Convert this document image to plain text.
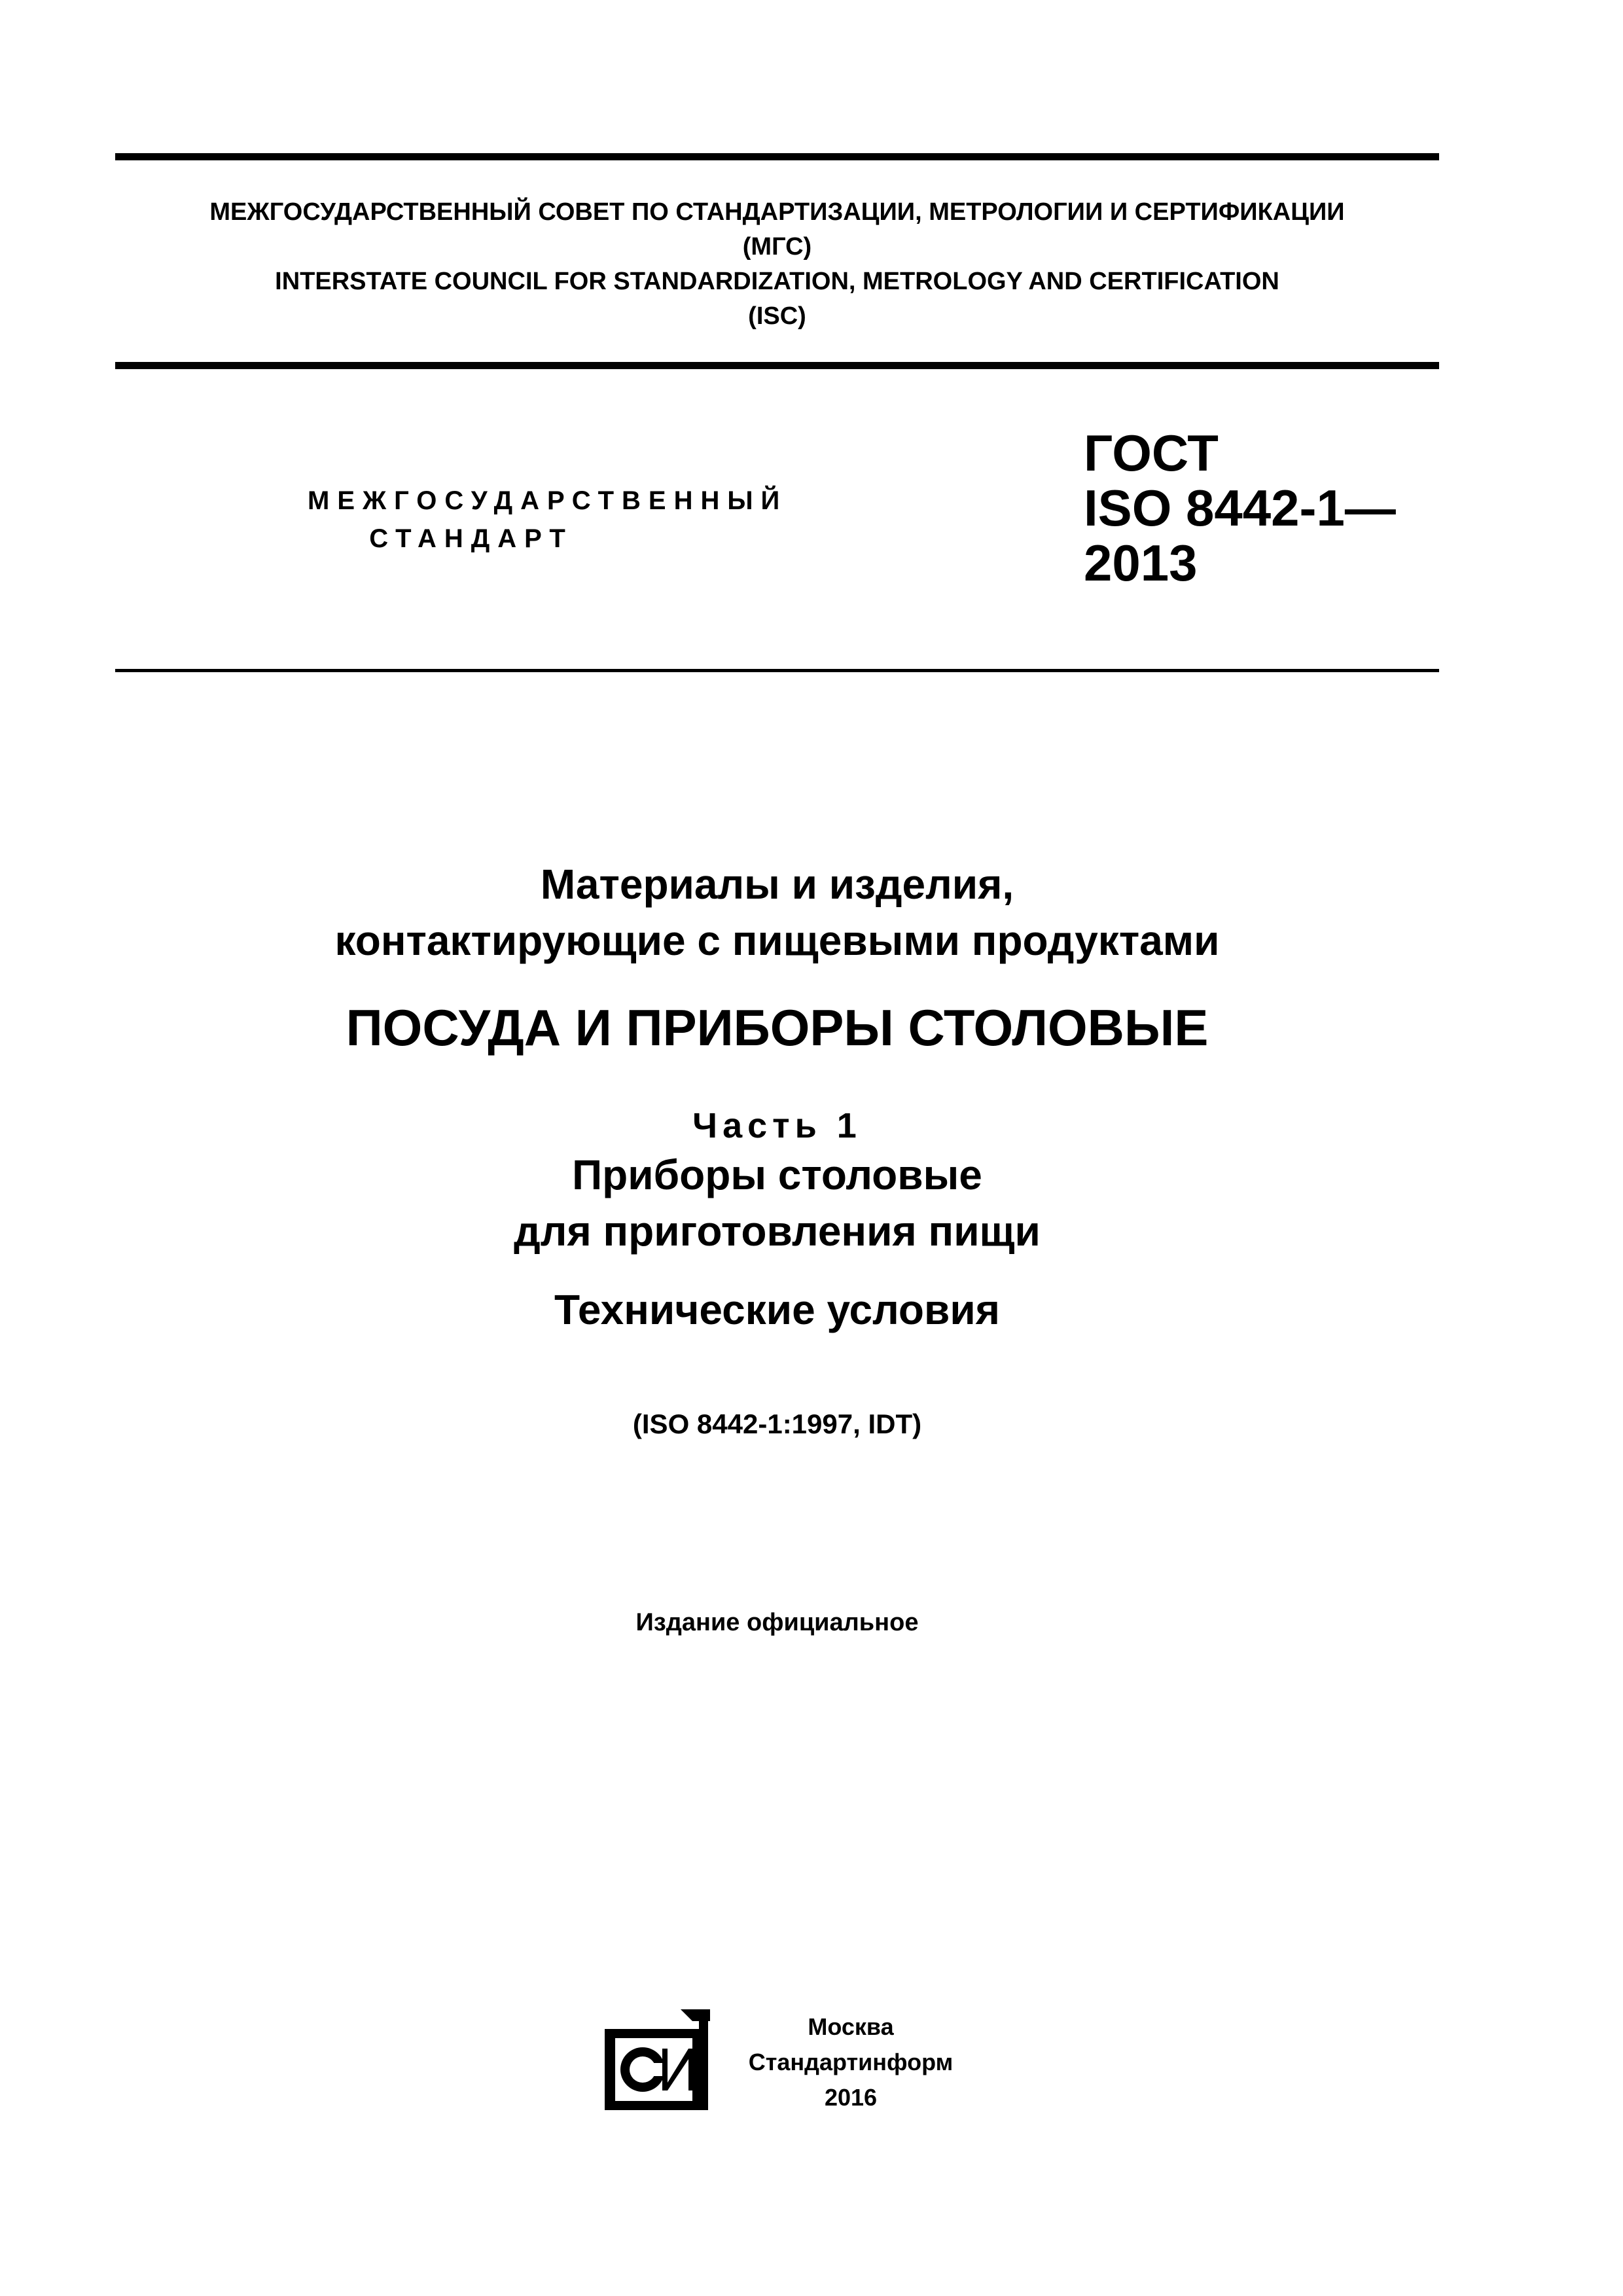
МЕЖГОСУДАРСТВЕННЫЙ СОВЕТ ПО СТАНДАРТИЗАЦИИ, МЕТРОЛОГИИ И СЕРТИФИКАЦИИ
(МГС)
INTERSTATE COUNCIL FOR STANDARDIZATION, METROLOGY AND CERTIFICATION
(ISC)
МЕЖГОСУДАРСТВЕННЫЙ
СТАНДАРТ
ГОСТ
ISO 8442-1—
2013
Материалы и изделия,
контактирующие с пищевыми продуктами
ПОСУДА И ПРИБОРЫ СТОЛОВЫЕ
Часть 1
Приборы столовые
для приготовления пищи
Технические условия
(ISO 8442-1:1997, IDT)
Издание официальное
Москва
Стандартинформ
2016
